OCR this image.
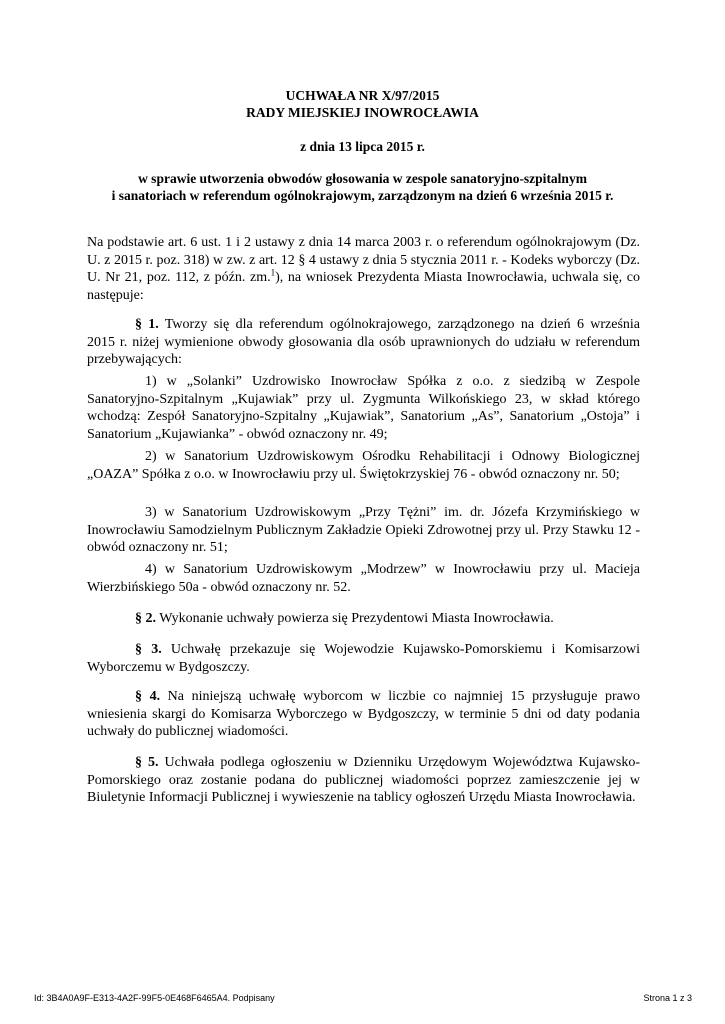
UCHWAŁA NR X/97/2015
RADY MIEJSKIEJ INOWROCŁAWIA
z dnia 13 lipca 2015 r.
w sprawie utworzenia obwodów głosowania w zespole sanatoryjno-szpitalnym
i sanatoriach w referendum ogólnokrajowym, zarządzonym na dzień 6 września 2015 r.

Na podstawie art. 6 ust. 1 i 2 ustawy z dnia 14 marca 2003 r. o referendum ogólnokrajowym (Dz. U. z 2015 r. poz. 318) w zw. z art. 12 § 4 ustawy z dnia 5 stycznia 2011 r. - Kodeks wyborczy (Dz. U. Nr 21, poz. 112, z późn. zm.$^1$), na wniosek Prezydenta Miasta Inowrocławia, uchwala się, co następuje:

§ 1. Tworzy się dla referendum ogólnokrajowego, zarządzonego na dzień 6 września 2015 r. niżej wymienione obwody głosowania dla osób uprawnionych do udziału w referendum przebywających:

1) w „Solanki” Uzdrowisko Inowrocław Spółka z o.o. z siedzibą w Zespole Sanatoryjno-Szpitalnym „Kujawiak” przy ul. Zygmunta Wilkońskiego 23, w skład którego wchodzą: Zespół Sanatoryjno-Szpitalny „Kujawiak”, Sanatorium „As”, Sanatorium „Ostoja” i Sanatorium „Kujawianka” - obwód oznaczony nr. 49;

2) w Sanatorium Uzdrowiskowym Ośrodku Rehabilitacji i Odnowy Biologicznej „OAZA” Spółka z o.o. w Inowrocławiu przy ul. Świętokrzyskiej 76 - obwód oznaczony nr. 50;

3) w Sanatorium Uzdrowiskowym „Przy Tężni” im. dr. Józefa Krzymińskiego w Inowrocławiu Samodzielnym Publicznym Zakładzie Opieki Zdrowotnej przy ul. Przy Stawku 12 - obwód oznaczony nr. 51;

4) w Sanatorium Uzdrowiskowym „Modrzew” w Inowrocławiu przy ul. Macieja Wierzbińskiego 50a - obwód oznaczony nr. 52.

§ 2. Wykonanie uchwały powierza się Prezydentowi Miasta Inowrocławia.

§ 3. Uchwałę przekazuje się Wojewodzie Kujawsko-Pomorskiemu i Komisarzowi Wyborczemu w Bydgoszczy.

§ 4. Na niniejszą uchwałę wyborcom w liczbie co najmniej 15 przysługuje prawo wniesienia skargi do Komisarza Wyborczego w Bydgoszczy, w terminie 5 dni od daty podania uchwały do publicznej wiadomości.

§ 5. Uchwała podlega ogłoszeniu w Dzienniku Urzędowym Województwa Kujawsko-Pomorskiego oraz zostanie podana do publicznej wiadomości poprzez zamieszczenie jej w Biuletynie Informacji Publicznej i wywieszenie na tablicy ogłoszeń Urzędu Miasta Inowrocławia.

Id: 3B4A0A9F-E313-4A2F-99F5-0E468F6465A4. Podpisany	Strona 1 z 3
